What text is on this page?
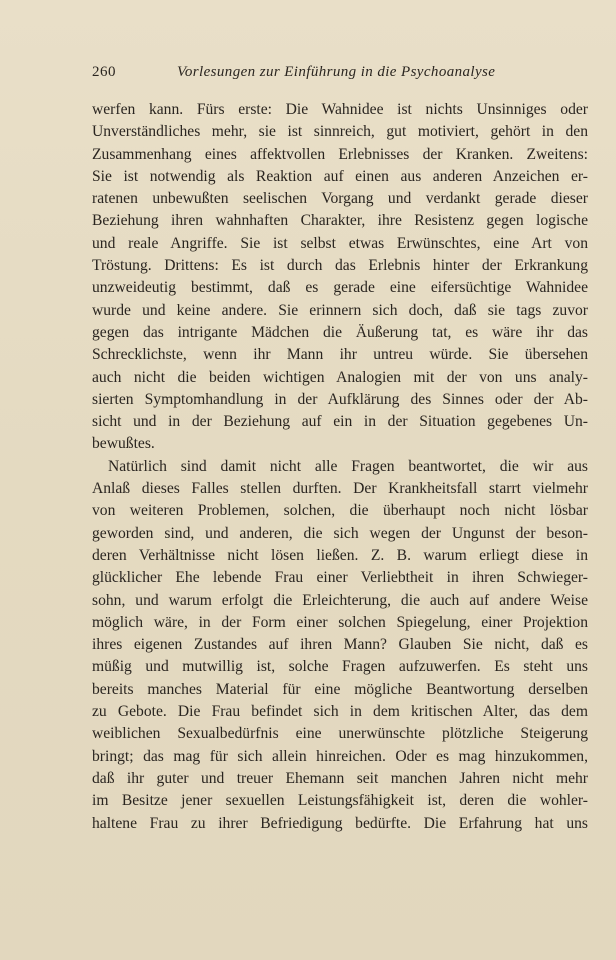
260	Vorlesungen zur Einführung in die Psychoanalyse
werfen kann. Fürs erste: Die Wahnidee ist nichts Unsinniges oder
Unverständliches mehr, sie ist sinnreich, gut motiviert, gehört in den
Zusammenhang eines affektvollen Erlebnisses der Kranken. Zweitens:
Sie ist notwendig als Reaktion auf einen aus anderen Anzeichen er-
ratenen unbewußten seelischen Vorgang und verdankt gerade dieser
Beziehung ihren wahnhaften Charakter, ihre Resistenz gegen logische
und reale Angriffe. Sie ist selbst etwas Erwünschtes, eine Art von
Tröstung. Drittens: Es ist durch das Erlebnis hinter der Erkrankung
unzweideutig bestimmt, daß es gerade eine eifersüchtige Wahnidee
wurde und keine andere. Sie erinnern sich doch, daß sie tags zuvor
gegen das intrigante Mädchen die Äußerung tat, es wäre ihr das
Schrecklichste, wenn ihr Mann ihr untreu würde. Sie übersehen
auch nicht die beiden wichtigen Analogien mit der von uns analy-
sierten Symptomhandlung in der Aufklärung des Sinnes oder der Ab-
sicht und in der Beziehung auf ein in der Situation gegebenes Un-
bewußtes.
Natürlich sind damit nicht alle Fragen beantwortet, die wir aus
Anlaß dieses Falles stellen durften. Der Krankheitsfall starrt vielmehr
von weiteren Problemen, solchen, die überhaupt noch nicht lösbar
geworden sind, und anderen, die sich wegen der Ungunst der beson-
deren Verhältnisse nicht lösen ließen. Z. B. warum erliegt diese in
glücklicher Ehe lebende Frau einer Verliebtheit in ihren Schwieger-
sohn, und warum erfolgt die Erleichterung, die auch auf andere Weise
möglich wäre, in der Form einer solchen Spiegelung, einer Projektion
ihres eigenen Zustandes auf ihren Mann? Glauben Sie nicht, daß es
müßig und mutwillig ist, solche Fragen aufzuwerfen. Es steht uns
bereits manches Material für eine mögliche Beantwortung derselben
zu Gebote. Die Frau befindet sich in dem kritischen Alter, das dem
weiblichen Sexualbedürfnis eine unerwünschte plötzliche Steigerung
bringt; das mag für sich allein hinreichen. Oder es mag hinzukommen,
daß ihr guter und treuer Ehemann seit manchen Jahren nicht mehr
im Besitze jener sexuellen Leistungsfähigkeit ist, deren die wohler-
haltene Frau zu ihrer Befriedigung bedürfte. Die Erfahrung hat uns
